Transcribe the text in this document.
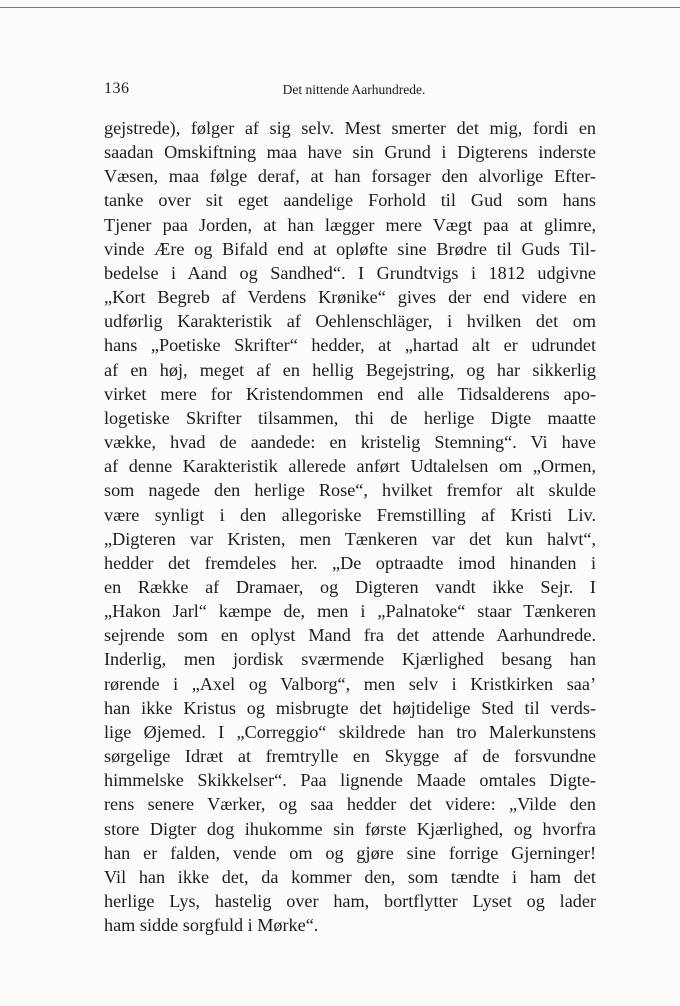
136	Det nittende Aarhundrede.
gejstrede), følger af sig selv. Mest smerter det mig, fordi en
saadan Omskiftning maa have sin Grund i Digterens inderste
Væsen, maa følge deraf, at han forsager den alvorlige Efter-
tanke over sit eget aandelige Forhold til Gud som hans
Tjener paa Jorden, at han lægger mere Vægt paa at glimre,
vinde Ære og Bifald end at opløfte sine Brødre til Guds Til-
bedelse i Aand og Sandhed“. I Grundtvigs i 1812 udgivne
„Kort Begreb af Verdens Krønike“ gives der end videre en
udførlig Karakteristik af Oehlenschläger, i hvilken det om
hans „Poetiske Skrifter“ hedder, at „hartad alt er udrundet
af en høj, meget af en hellig Begejstring, og har sikkerlig
virket mere for Kristendommen end alle Tidsalderens apo-
logetiske Skrifter tilsammen, thi de herlige Digte maatte
vække, hvad de aandede: en kristelig Stemning“. Vi have
af denne Karakteristik allerede anført Udtalelsen om „Ormen,
som nagede den herlige Rose“, hvilket fremfor alt skulde
være synligt i den allegoriske Fremstilling af Kristi Liv.
„Digteren var Kristen, men Tænkeren var det kun halvt“,
hedder det fremdeles her. „De optraadte imod hinanden i
en Række af Dramaer, og Digteren vandt ikke Sejr. I
„Hakon Jarl“ kæmpe de, men i „Palnatoke“ staar Tænkeren
sejrende som en oplyst Mand fra det attende Aarhundrede.
Inderlig, men jordisk sværmende Kjærlighed besang han
rørende i „Axel og Valborg“, men selv i Kristkirken saa’
han ikke Kristus og misbrugte det højtidelige Sted til verds-
lige Øjemed. I „Correggio“ skildrede han tro Malerkunstens
sørgelige Idræt at fremtrylle en Skygge af de forsvundne
himmelske Skikkelser“. Paa lignende Maade omtales Digte-
rens senere Værker, og saa hedder det videre: „Vilde den
store Digter dog ihukomme sin første Kjærlighed, og hvorfra
han er falden, vende om og gjøre sine forrige Gjerninger!
Vil han ikke det, da kommer den, som tændte i ham det
herlige Lys, hastelig over ham, bortflytter Lyset og lader
ham sidde sorgfuld i Mørke“.
